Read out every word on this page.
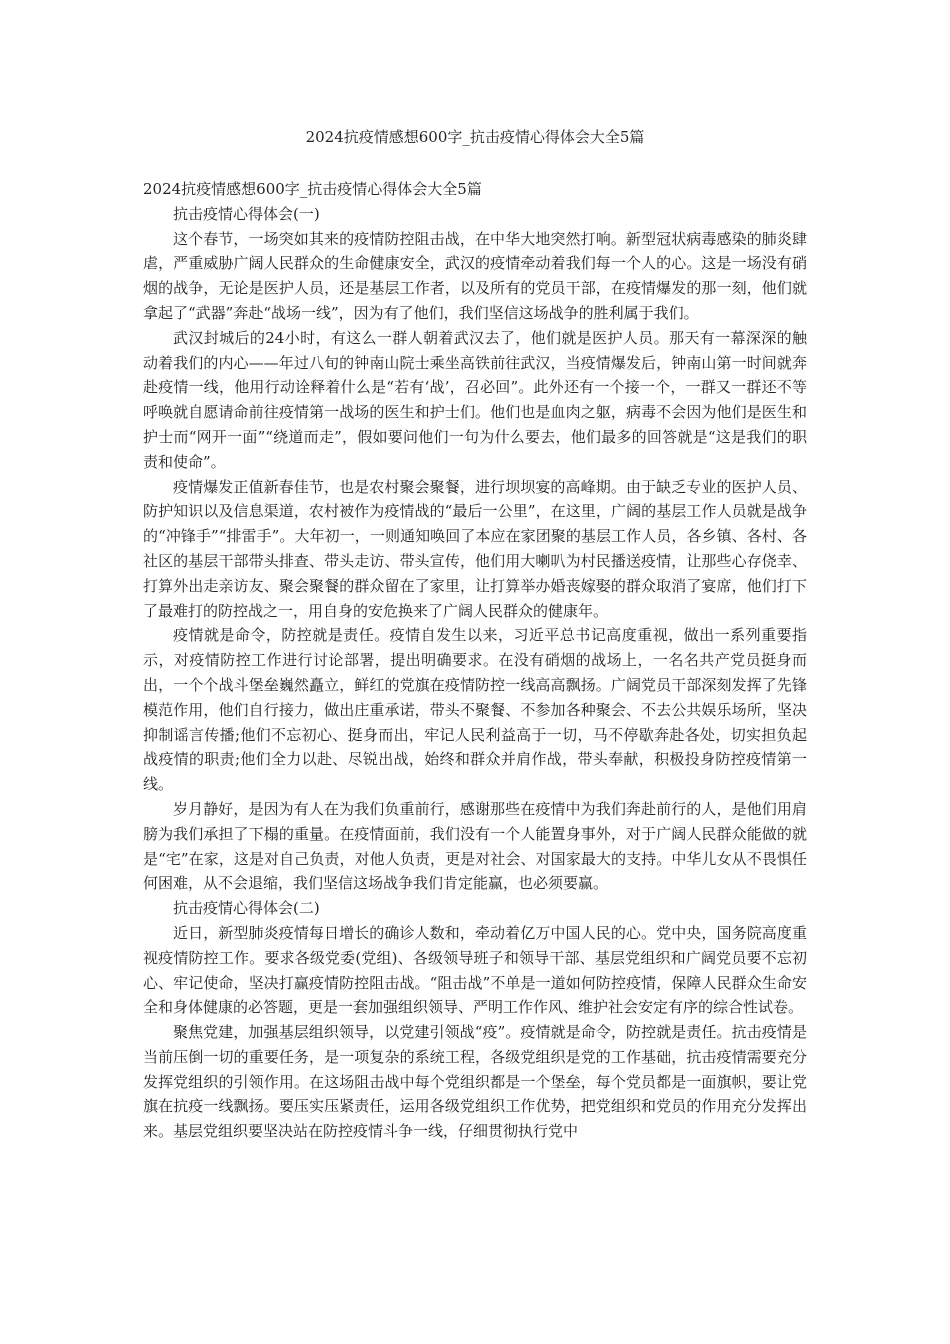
2024抗疫情感想600字_抗击疫情心得体会大全5篇

2024抗疫情感想600字_抗击疫情心得体会大全5篇

抗击疫情心得体会(一)

这个春节，一场突如其来的疫情防控阻击战，在中华大地突然打响。新型冠状病毒感染的肺炎肆虐，严重威胁广阔人民群众的生命健康安全，武汉的疫情牵动着我们每一个人的心。这是一场没有硝烟的战争，无论是医护人员，还是基层工作者，以及所有的党员干部，在疫情爆发的那一刻，他们就拿起了“武器”奔赴“战场一线”，因为有了他们，我们坚信这场战争的胜利属于我们。

武汉封城后的24小时，有这么一群人朝着武汉去了，他们就是医护人员。那天有一幕深深的触动着我们的内心——年过八旬的钟南山院士乘坐高铁前往武汉，当疫情爆发后，钟南山第一时间就奔赴疫情一线，他用行动诠释着什么是“若有‘战’，召必回”。此外还有一个接一个，一群又一群还不等呼唤就自愿请命前往疫情第一战场的医生和护士们。他们也是血肉之躯，病毒不会因为他们是医生和护士而“网开一面”“绕道而走”，假如要问他们一句为什么要去，他们最多的回答就是“这是我们的职责和使命”。

疫情爆发正值新春佳节，也是农村聚会聚餐，进行坝坝宴的高峰期。由于缺乏专业的医护人员、防护知识以及信息渠道，农村被作为疫情战的“最后一公里”，在这里，广阔的基层工作人员就是战争的“冲锋手”“排雷手”。大年初一，一则通知唤回了本应在家团聚的基层工作人员，各乡镇、各村、各社区的基层干部带头排查、带头走访、带头宣传，他们用大喇叭为村民播送疫情，让那些心存侥幸、打算外出走亲访友、聚会聚餐的群众留在了家里，让打算举办婚丧嫁娶的群众取消了宴席，他们打下了最难打的防控战之一，用自身的安危换来了广阔人民群众的健康年。

疫情就是命令，防控就是责任。疫情自发生以来，习近平总书记高度重视，做出一系列重要指示，对疫情防控工作进行讨论部署，提出明确要求。在没有硝烟的战场上，一名名共产党员挺身而出，一个个战斗堡垒巍然矗立，鲜红的党旗在疫情防控一线高高飘扬。广阔党员干部深刻发挥了先锋模范作用，他们自行接力，做出庄重承诺，带头不聚餐、不参加各种聚会、不去公共娱乐场所，坚决抑制谣言传播;他们不忘初心、挺身而出，牢记人民利益高于一切，马不停歇奔赴各处，切实担负起战疫情的职责;他们全力以赴、尽锐出战，始终和群众并肩作战，带头奉献，积极投身防控疫情第一线。

岁月静好，是因为有人在为我们负重前行，感谢那些在疫情中为我们奔赴前行的人，是他们用肩膀为我们承担了下榻的重量。在疫情面前，我们没有一个人能置身事外，对于广阔人民群众能做的就是“宅”在家，这是对自己负责，对他人负责，更是对社会、对国家最大的支持。中华儿女从不畏惧任何困难，从不会退缩，我们坚信这场战争我们肯定能赢，也必须要赢。

抗击疫情心得体会(二)

近日，新型肺炎疫情每日增长的确诊人数和，牵动着亿万中国人民的心。党中央，国务院高度重视疫情防控工作。要求各级党委(党组)、各级领导班子和领导干部、基层党组织和广阔党员要不忘初心、牢记使命，坚决打赢疫情防控阻击战。“阻击战”不单是一道如何防控疫情，保障人民群众生命安全和身体健康的必答题，更是一套加强组织领导、严明工作作风、维护社会安定有序的综合性试卷。

聚焦党建，加强基层组织领导，以党建引领战“疫”。疫情就是命令，防控就是责任。抗击疫情是当前压倒一切的重要任务，是一项复杂的系统工程，各级党组织是党的工作基础，抗击疫情需要充分发挥党组织的引领作用。在这场阻击战中每个党组织都是一个堡垒，每个党员都是一面旗帜，要让党旗在抗疫一线飘扬。要压实压紧责任，运用各级党组织工作优势，把党组织和党员的作用充分发挥出来。基层党组织要坚决站在防控疫情斗争一线，仔细贯彻执行党中
